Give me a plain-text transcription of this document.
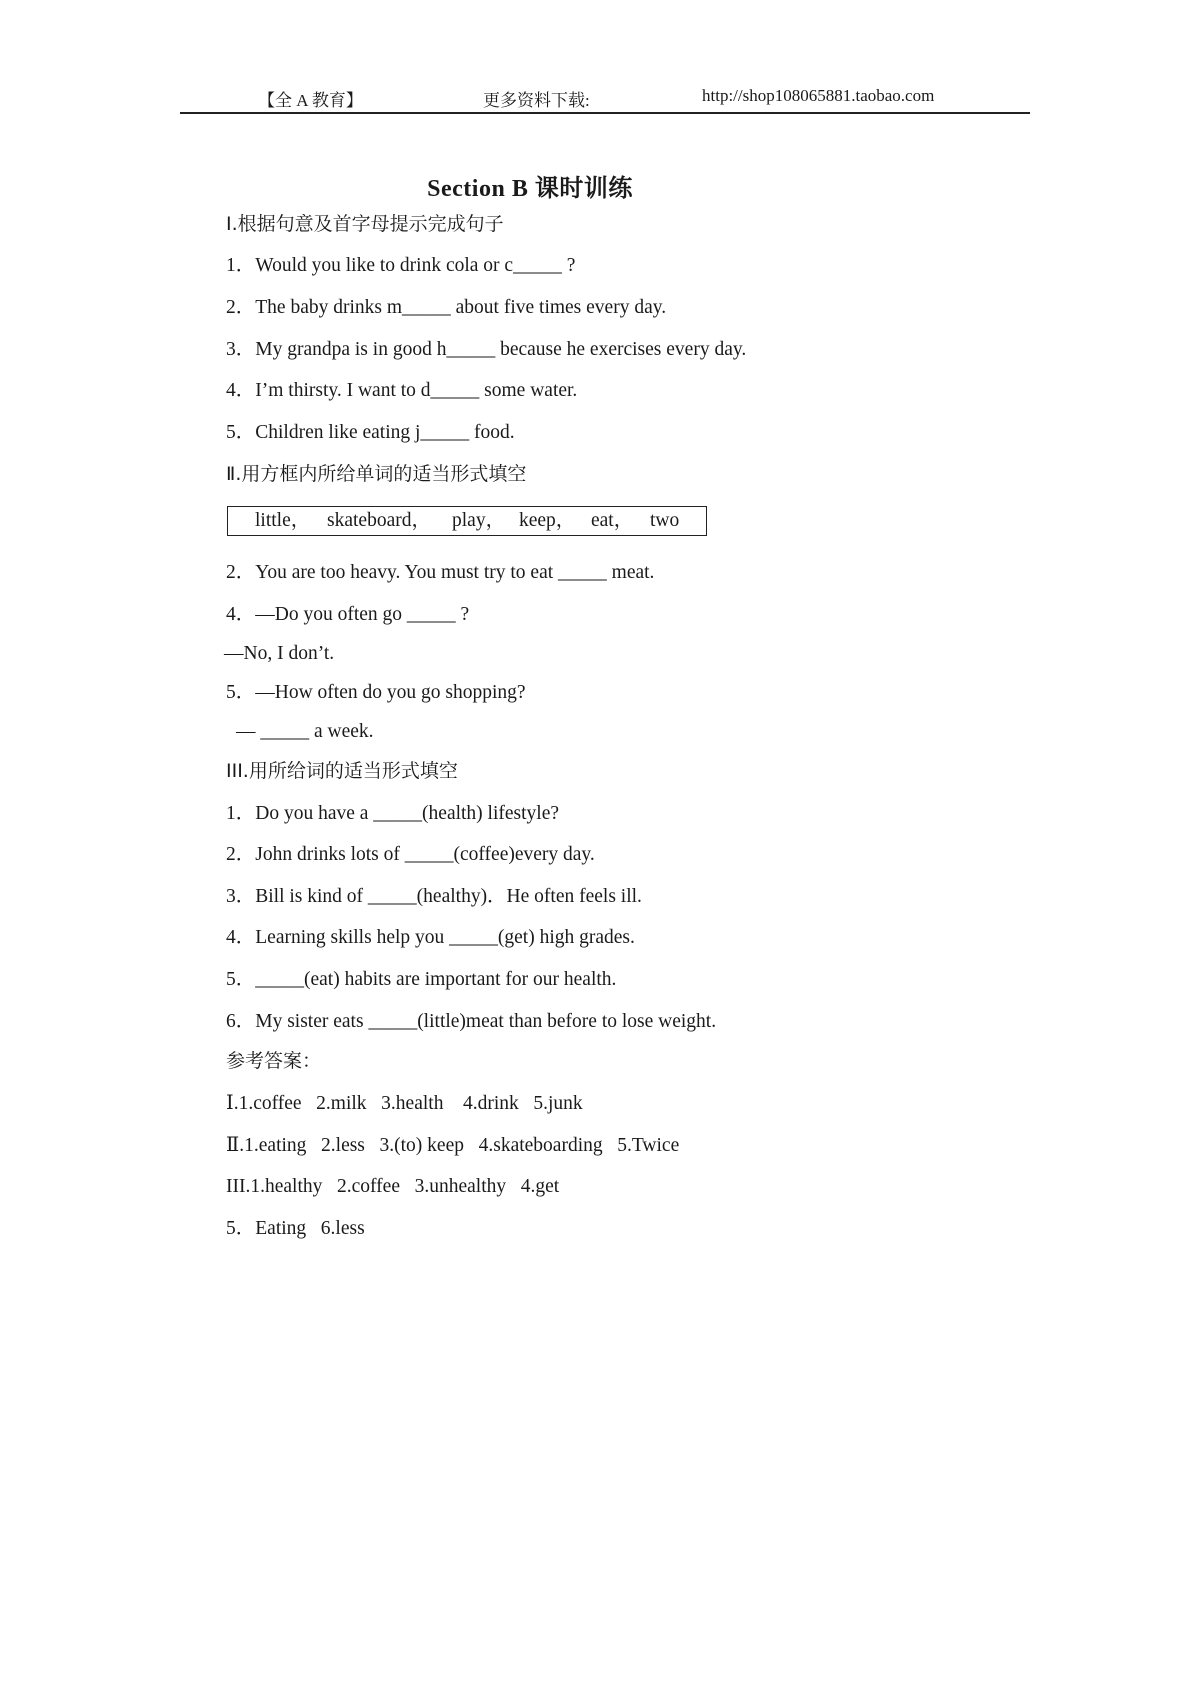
【全 A 教育】	更多资料下载:	http://shop108065881.taobao.com
Section B 课时训练
Ⅰ.根据句意及首字母提示完成句子
1．Would you like to drink cola or c_____ ?
2．The baby drinks m_____ about five times every day.
3．My grandpa is in good h_____ because he exercises every day.
4．I’m thirsty. I want to d_____ some water.
5．Children like eating j_____ food.
Ⅱ.用方框内所给单词的适当形式填空
little， skateboard， play， keep， eat， two
2．You are too heavy. You must try to eat _____ meat.
4．—Do you often go _____ ?
—No, I don’t.
5．—How often do you go shopping?
— _____ a week.
III.用所给词的适当形式填空
1．Do you have a _____(health) lifestyle?
2．John drinks lots of _____(coffee)every day.
3．Bill is kind of _____(healthy)．He often feels ill.
4．Learning skills help you _____(get) high grades.
5．_____(eat) habits are important for our health.
6．My sister eats _____(little)meat than before to lose weight.
参考答案：
Ⅰ.1.coffee   2.milk   3.health    4.drink   5.junk
Ⅱ.1.eating   2.less   3.(to) keep   4.skateboarding   5.Twice
III.1.healthy   2.coffee   3.unhealthy   4.get
5．Eating   6.less
